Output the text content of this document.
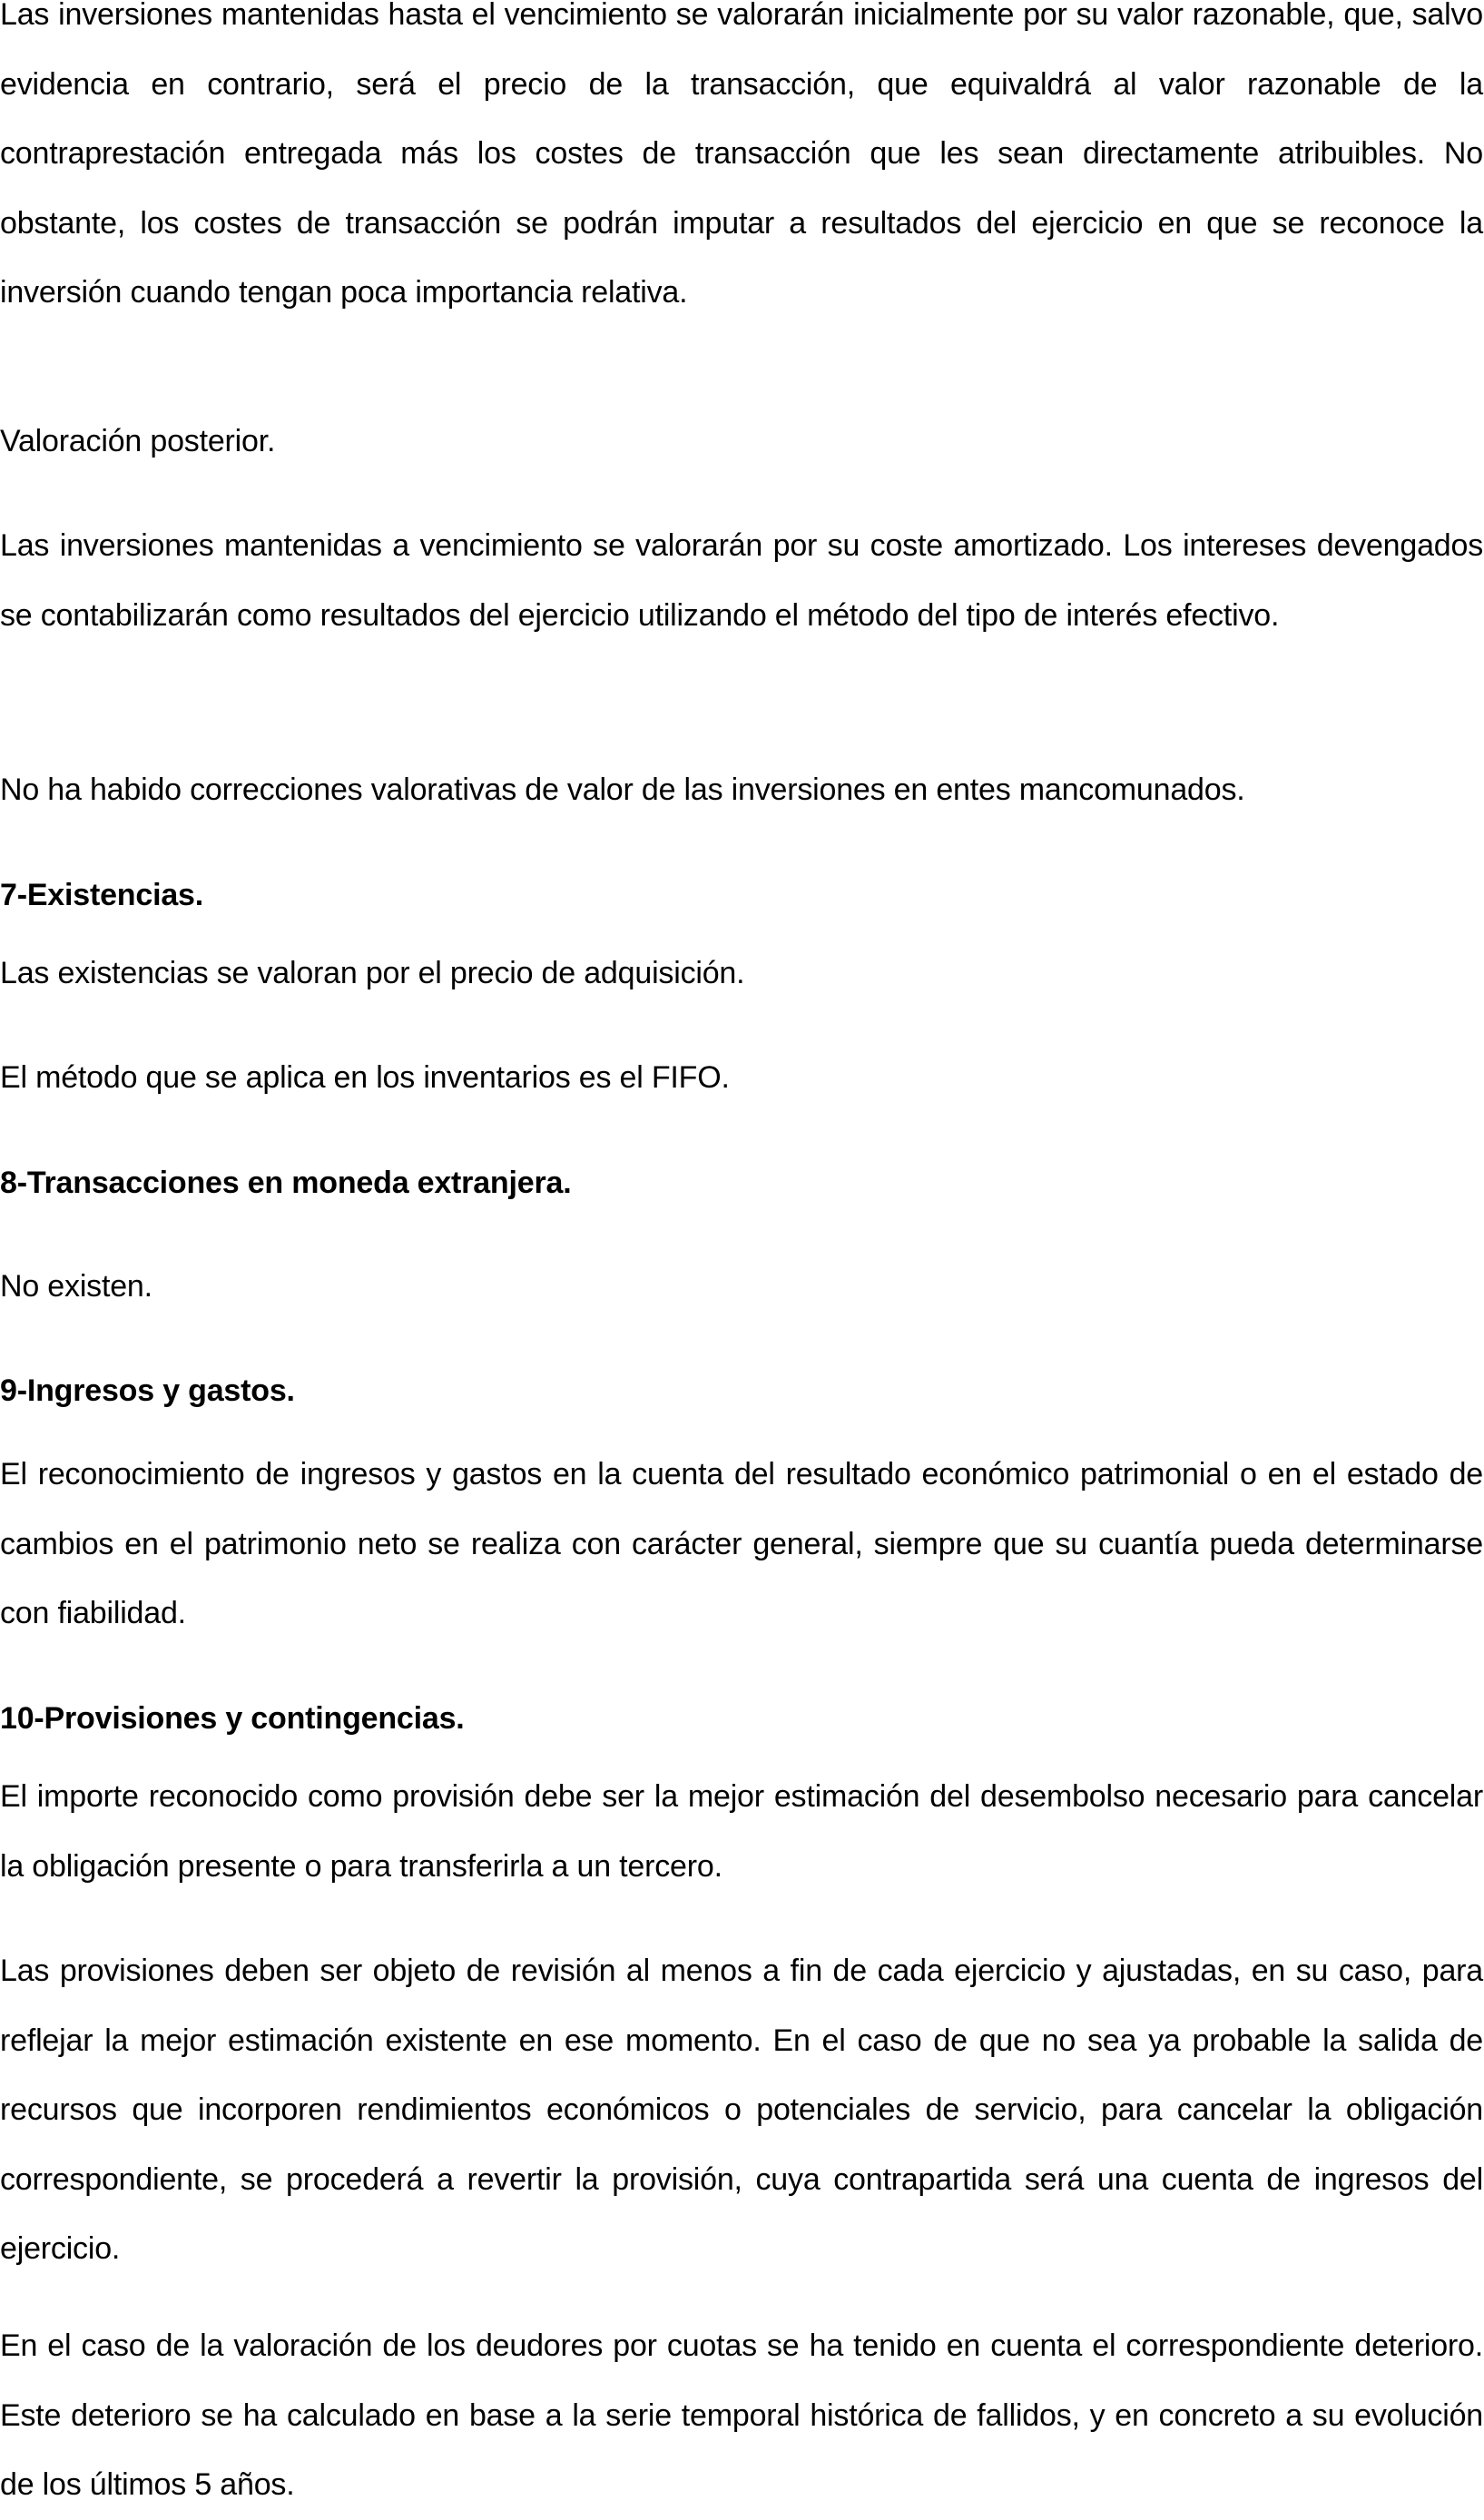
Las inversiones mantenidas hasta el vencimiento se valorarán inicialmente por su valor razonable, que, salvo evidencia en contrario, será el precio de la transacción, que equivaldrá al valor razonable de la contraprestación entregada más los costes de transacción que les sean directamente atribuibles. No obstante, los costes de transacción se podrán imputar a resultados del ejercicio en que se reconoce la inversión cuando tengan poca importancia relativa.

Valoración posterior.

Las inversiones mantenidas a vencimiento se valorarán por su coste amortizado. Los intereses devengados se contabilizarán como resultados del ejercicio utilizando el método del tipo de interés efectivo.

No ha habido correcciones valorativas de valor de las inversiones en entes mancomunados.

7-Existencias.

Las existencias se valoran por el precio de adquisición.

El método que se aplica en los inventarios es el FIFO.

8-Transacciones en moneda extranjera.

No existen.

9-Ingresos y gastos.

El reconocimiento de ingresos y gastos en la cuenta del resultado económico patrimonial o en el estado de cambios en el patrimonio neto se realiza con carácter general, siempre que su cuantía pueda determinarse con fiabilidad.

10-Provisiones y contingencias.

El importe reconocido como provisión debe ser la mejor estimación del desembolso necesario para cancelar la obligación presente o para transferirla a un tercero.

Las provisiones deben ser objeto de revisión al menos a fin de cada ejercicio y ajustadas, en su caso, para reflejar la mejor estimación existente en ese momento. En el caso de que no sea ya probable la salida de recursos que incorporen rendimientos económicos o potenciales de servicio, para cancelar la obligación correspondiente, se procederá a revertir la provisión, cuya contrapartida será una cuenta de ingresos del ejercicio.

En el caso de la valoración de los deudores por cuotas se ha tenido en cuenta el correspondiente deterioro. Este deterioro se ha calculado en base a la serie temporal histórica de fallidos, y en concreto a su evolución de los últimos 5 años.
